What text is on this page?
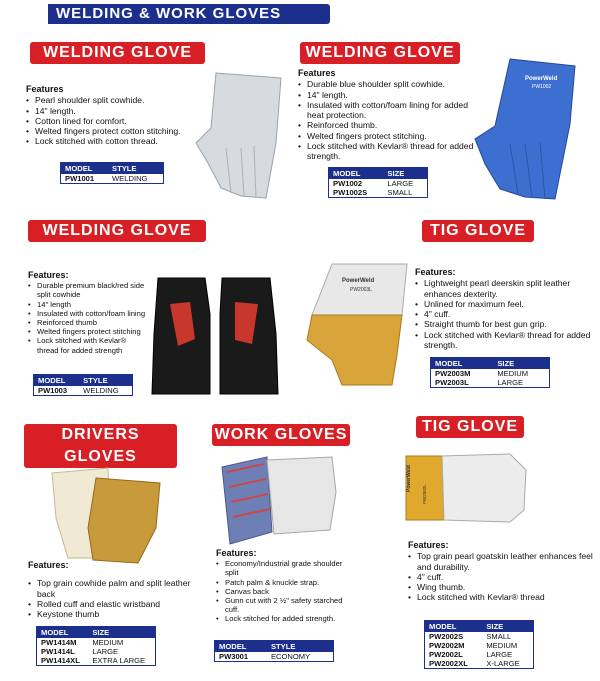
WELDING & WORK GLOVES
WELDING GLOVE
Features
• Pearl shoulder split cowhide.
• 14" length.
• Cotton lined for comfort.
• Welted fingers protect cotton stitching.
• Lock stitched with cotton thread.
MODEL	STYLE
PW1001	WELDING
WELDING GLOVE
Features
• Durable blue shoulder split cowhide.
• 14" length.
• Insulated with cotton/foam lining for added heat protection.
• Reinforced thumb.
• Welted fingers protect stitching.
• Lock stitched with Kevlar® thread for added strength.
MODEL	SIZE
PW1002	LARGE
PW1002S	SMALL
PowerWeld
PW1002
WELDING GLOVE
Features:
• Durable premium black/red side split cowhide
• 14" length
• Insulated with cotton/foam lining
• Reinforced thumb
• Welted fingers protect stitching
• Lock stitched with Kevlar® thread for added strength
MODEL	STYLE
PW1003	WELDING
TIG GLOVE
Features:
• Lightweight pearl deerskin split leather enhances dexterity.
• Unlined for maximum feel.
• 4" cuff.
• Straight thumb for best gun grip.
• Lock stitched with Kevlar® thread for added strength.
MODEL	SIZE
PW2003M	MEDIUM
PW2003L	LARGE
PowerWeld
PW2003L
DRIVERS GLOVES
Features:
• Top grain cowhide palm and split leather back
• Rolled cuff and elastic wristband
• Keystone thumb
MODEL	SIZE
PW1414M	MEDIUM
PW1414L	LARGE
PW1414XL	EXTRA LARGE
WORK GLOVES
Features:
• Economy/Industrial grade shoulder split
• Patch palm & knuckle strap.
• Canvas back
• Gunn cut with 2 ½" safety starched cuff.
• Lock stitched for added strength.
MODEL	STYLE
PW3001	ECONOMY
TIG GLOVE
PowerWeld
PW2002L
Features:
• Top grain pearl goatskin leather enhances feel and durability.
• 4" cuff.
• Wing thumb.
• Lock stitched with Kevlar® thread
MODEL	SIZE
PW2002S	SMALL
PW2002M	MEDIUM
PW2002L	LARGE
PW2002XL	X-LARGE
